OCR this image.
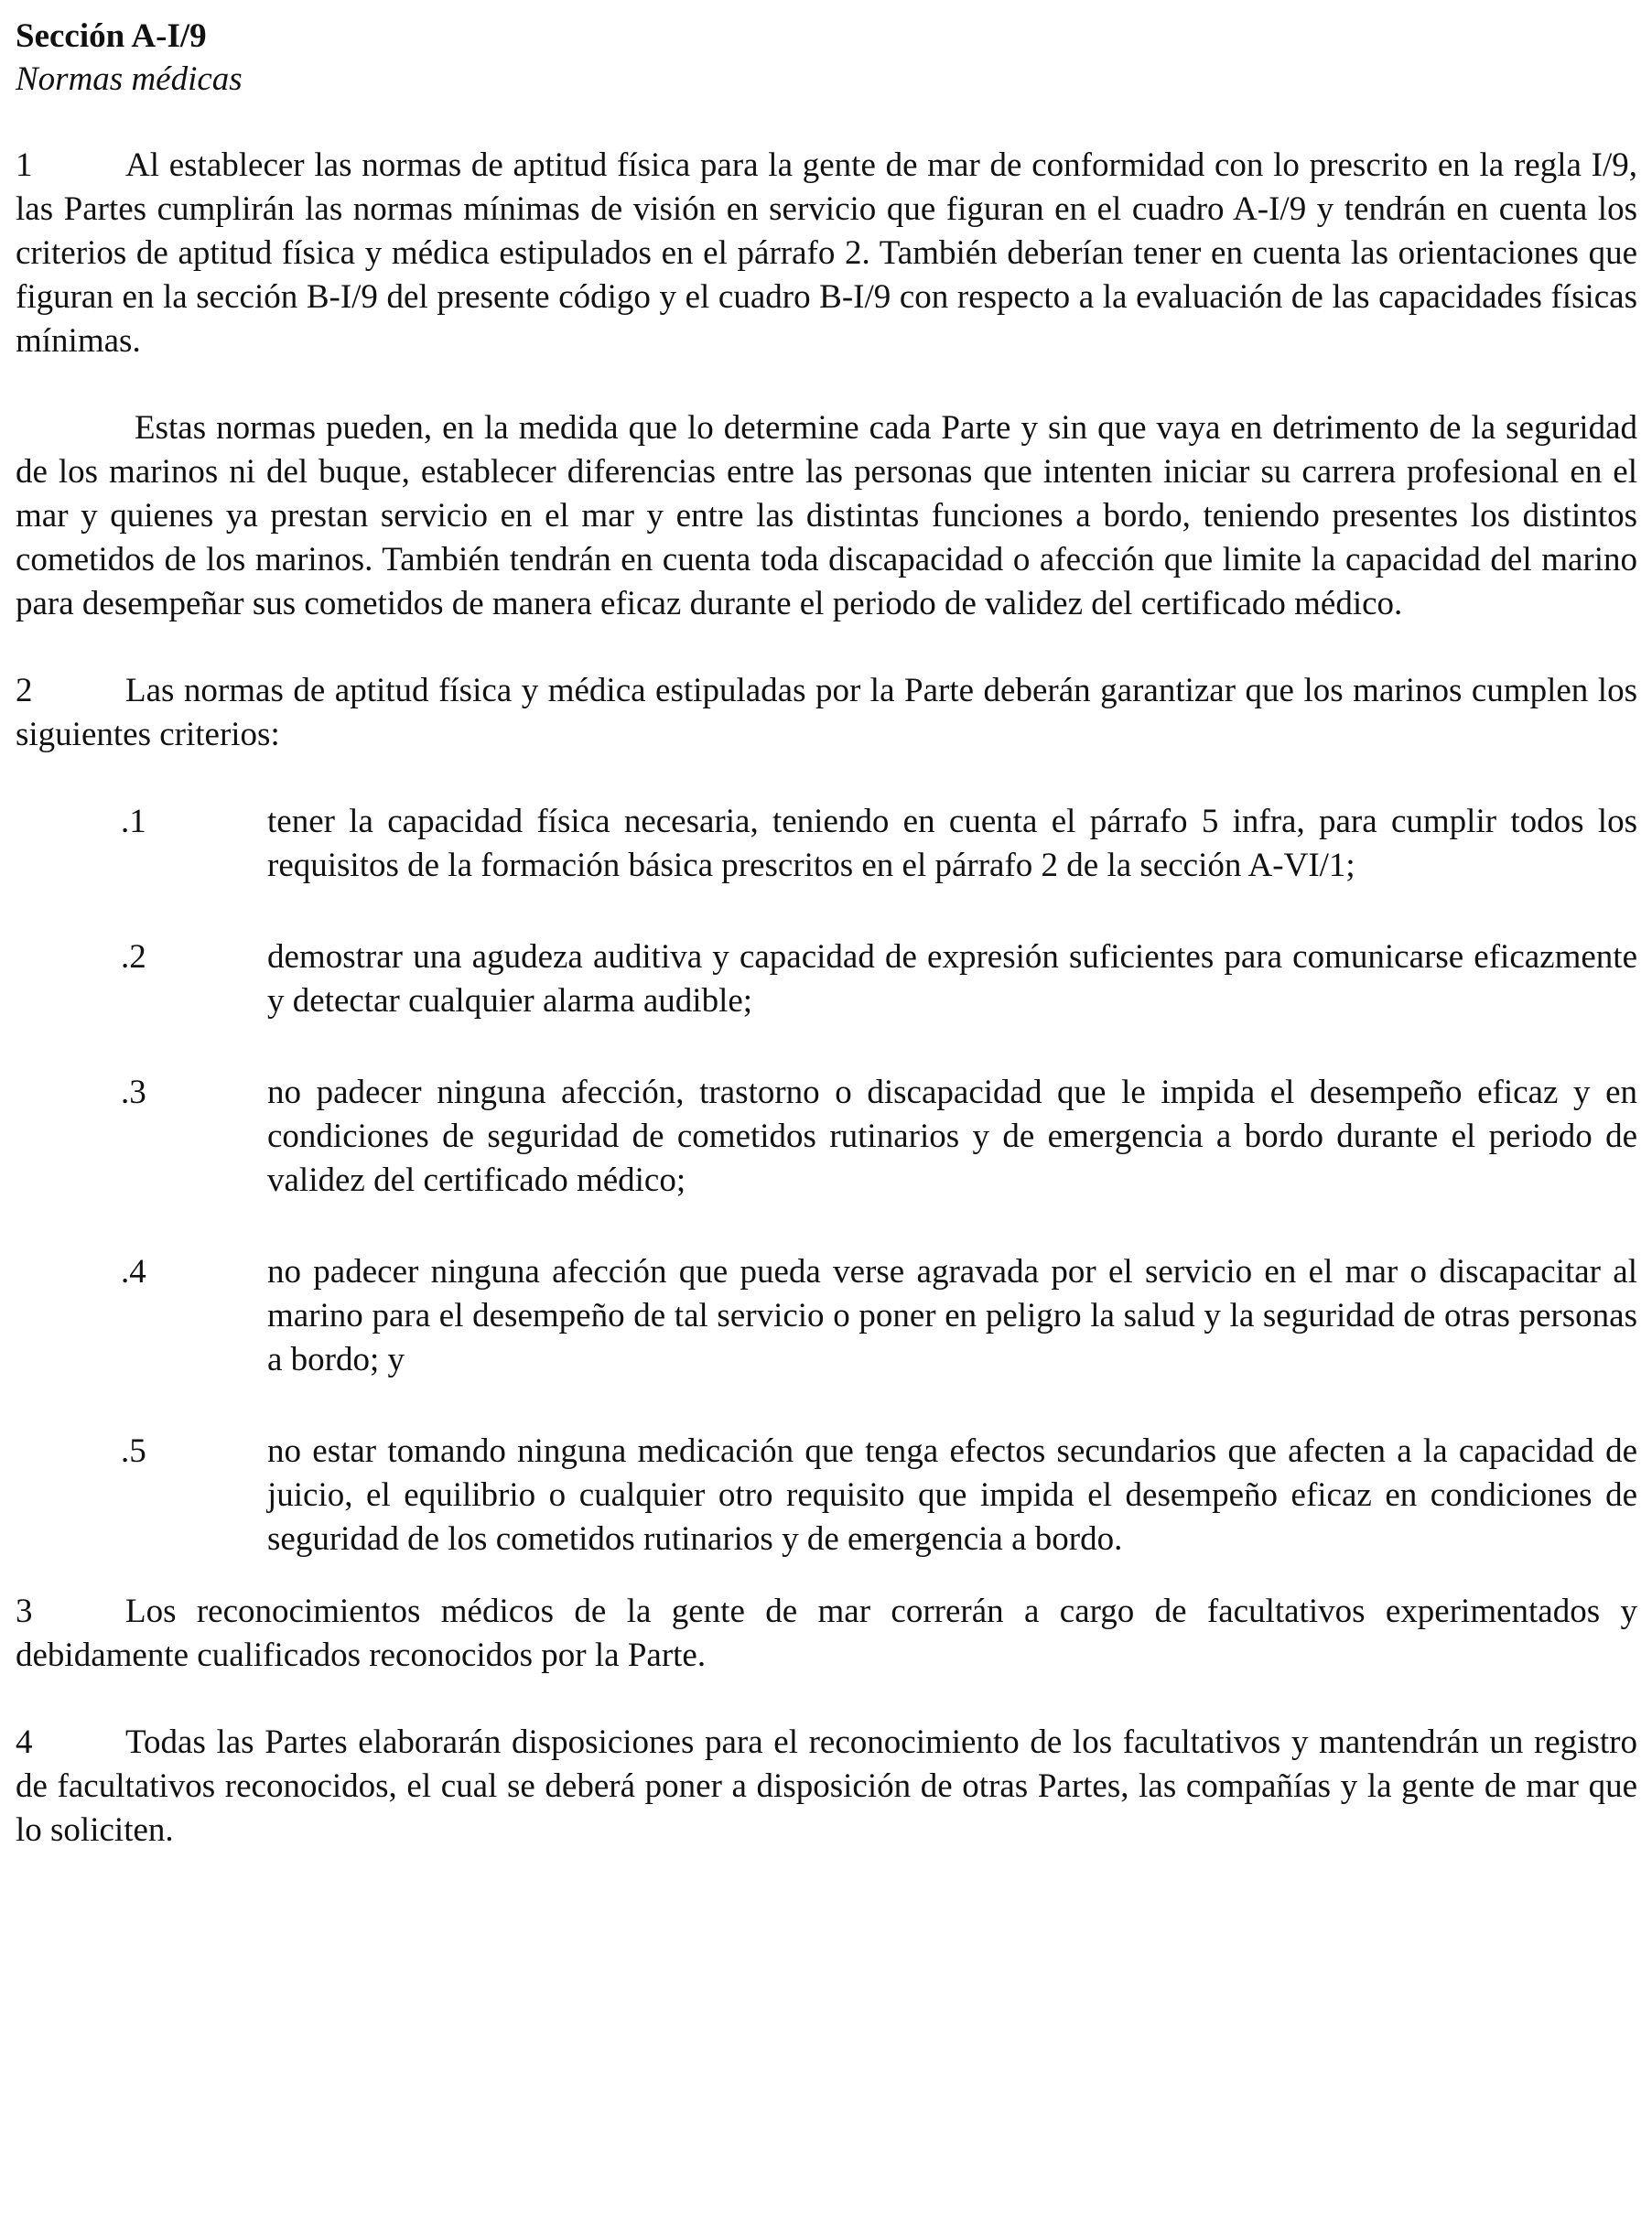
Sección A-I/9

Normas médicas

1	Al establecer las normas de aptitud física para la gente de mar de conformidad con lo prescrito en la regla I/9, las Partes cumplirán las normas mínimas de visión en servicio que figuran en el cuadro A-I/9 y tendrán en cuenta los criterios de aptitud física y médica estipulados en el párrafo 2. También deberían tener en cuenta las orientaciones que figuran en la sección B-I/9 del presente código y el cuadro B-I/9 con respecto a la evaluación de las capacidades físicas mínimas.

Estas normas pueden, en la medida que lo determine cada Parte y sin que vaya en detrimento de la seguridad de los marinos ni del buque, establecer diferencias entre las personas que intenten iniciar su carrera profesional en el mar y quienes ya prestan servicio en el mar y entre las distintas funciones a bordo, teniendo presentes los distintos cometidos de los marinos. También tendrán en cuenta toda discapacidad o afección que limite la capacidad del marino para desempeñar sus cometidos de manera eficaz durante el periodo de validez del certificado médico.

2	Las normas de aptitud física y médica estipuladas por la Parte deberán garantizar que los marinos cumplen los siguientes criterios:

.1	tener la capacidad física necesaria, teniendo en cuenta el párrafo 5 infra, para cumplir todos los requisitos de la formación básica prescritos en el párrafo 2 de la sección A-VI/1;
.2	demostrar una agudeza auditiva y capacidad de expresión suficientes para comunicarse eficazmente y detectar cualquier alarma audible;
.3	no padecer ninguna afección, trastorno o discapacidad que le impida el desempeño eficaz y en condiciones de seguridad de cometidos rutinarios y de emergencia a bordo durante el periodo de validez del certificado médico;
.4	no padecer ninguna afección que pueda verse agravada por el servicio en el mar o discapacitar al marino para el desempeño de tal servicio o poner en peligro la salud y la seguridad de otras personas a bordo; y
.5	no estar tomando ninguna medicación que tenga efectos secundarios que afecten a la capacidad de juicio, el equilibrio o cualquier otro requisito que impida el desempeño eficaz en condiciones de seguridad de los cometidos rutinarios y de emergencia a bordo.

3	Los reconocimientos médicos de la gente de mar correrán a cargo de facultativos experimentados y debidamente cualificados reconocidos por la Parte.

4	Todas las Partes elaborarán disposiciones para el reconocimiento de los facultativos y mantendrán un registro de facultativos reconocidos, el cual se deberá poner a disposición de otras Partes, las compañías y la gente de mar que lo soliciten.
